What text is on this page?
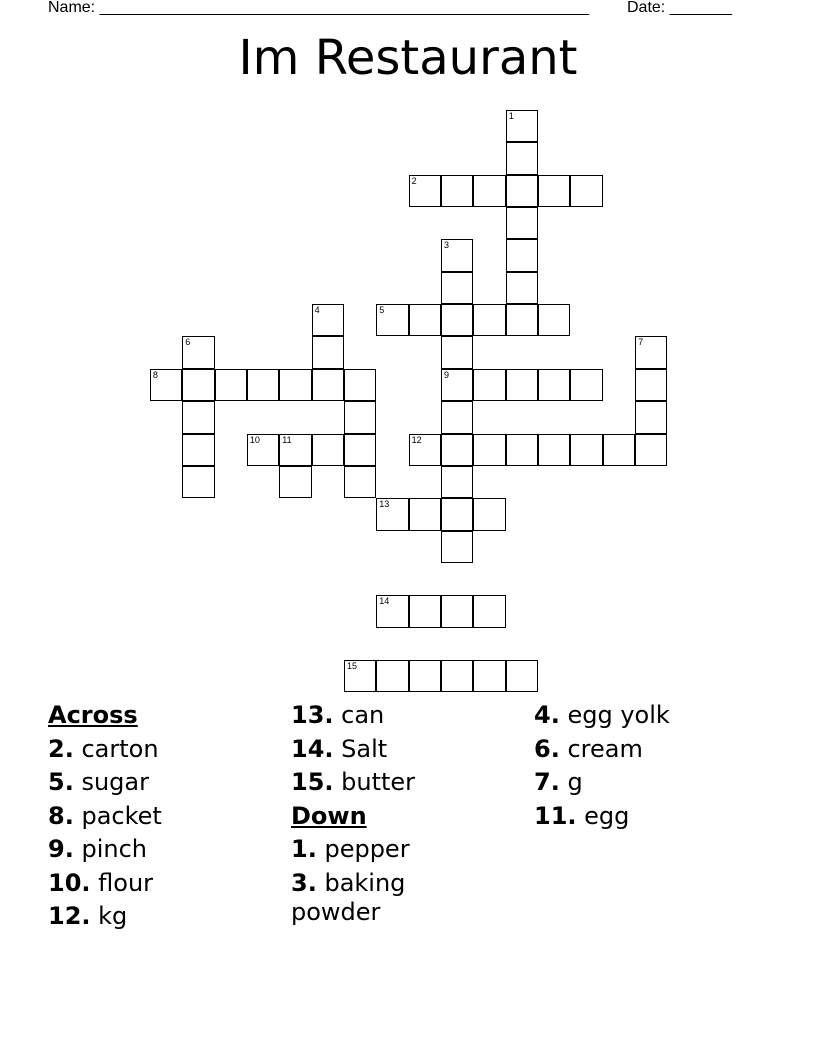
Name: _______________________________________________________ Date: _______
Im Restaurant
1
2
3
4	5
6	7
8	9
10 11	12
13
14
15
Across
2. carton
5. sugar
8. packet
9. pinch
10. flour
12. kg
13. can
14. Salt
15. butter
Down
1. pepper
3. baking powder
4. egg yolk
6. cream
7. g
11. egg
